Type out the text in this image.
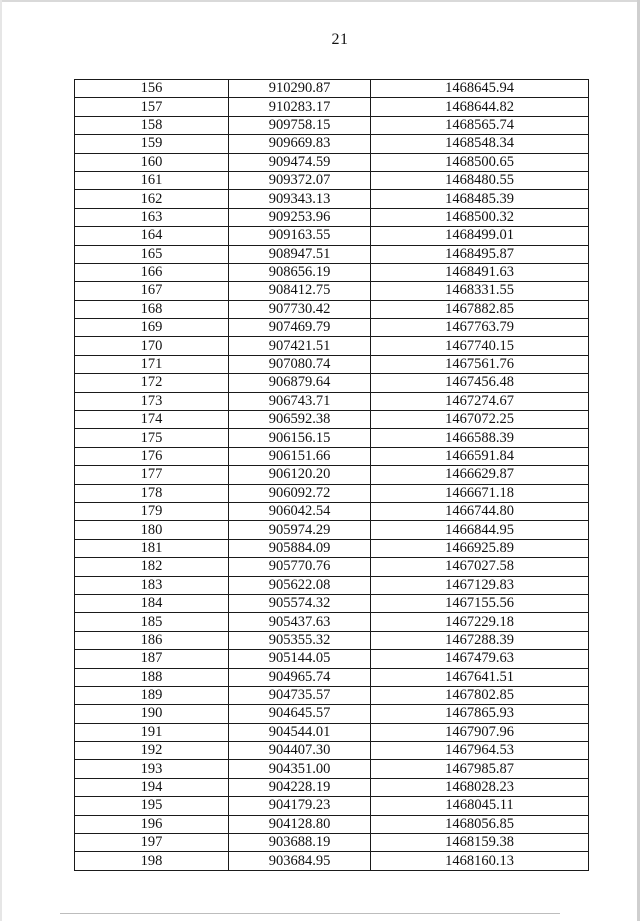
21
156	910290.87	1468645.94
157	910283.17	1468644.82
158	909758.15	1468565.74
159	909669.83	1468548.34
160	909474.59	1468500.65
161	909372.07	1468480.55
162	909343.13	1468485.39
163	909253.96	1468500.32
164	909163.55	1468499.01
165	908947.51	1468495.87
166	908656.19	1468491.63
167	908412.75	1468331.55
168	907730.42	1467882.85
169	907469.79	1467763.79
170	907421.51	1467740.15
171	907080.74	1467561.76
172	906879.64	1467456.48
173	906743.71	1467274.67
174	906592.38	1467072.25
175	906156.15	1466588.39
176	906151.66	1466591.84
177	906120.20	1466629.87
178	906092.72	1466671.18
179	906042.54	1466744.80
180	905974.29	1466844.95
181	905884.09	1466925.89
182	905770.76	1467027.58
183	905622.08	1467129.83
184	905574.32	1467155.56
185	905437.63	1467229.18
186	905355.32	1467288.39
187	905144.05	1467479.63
188	904965.74	1467641.51
189	904735.57	1467802.85
190	904645.57	1467865.93
191	904544.01	1467907.96
192	904407.30	1467964.53
193	904351.00	1467985.87
194	904228.19	1468028.23
195	904179.23	1468045.11
196	904128.80	1468056.85
197	903688.19	1468159.38
198	903684.95	1468160.13
